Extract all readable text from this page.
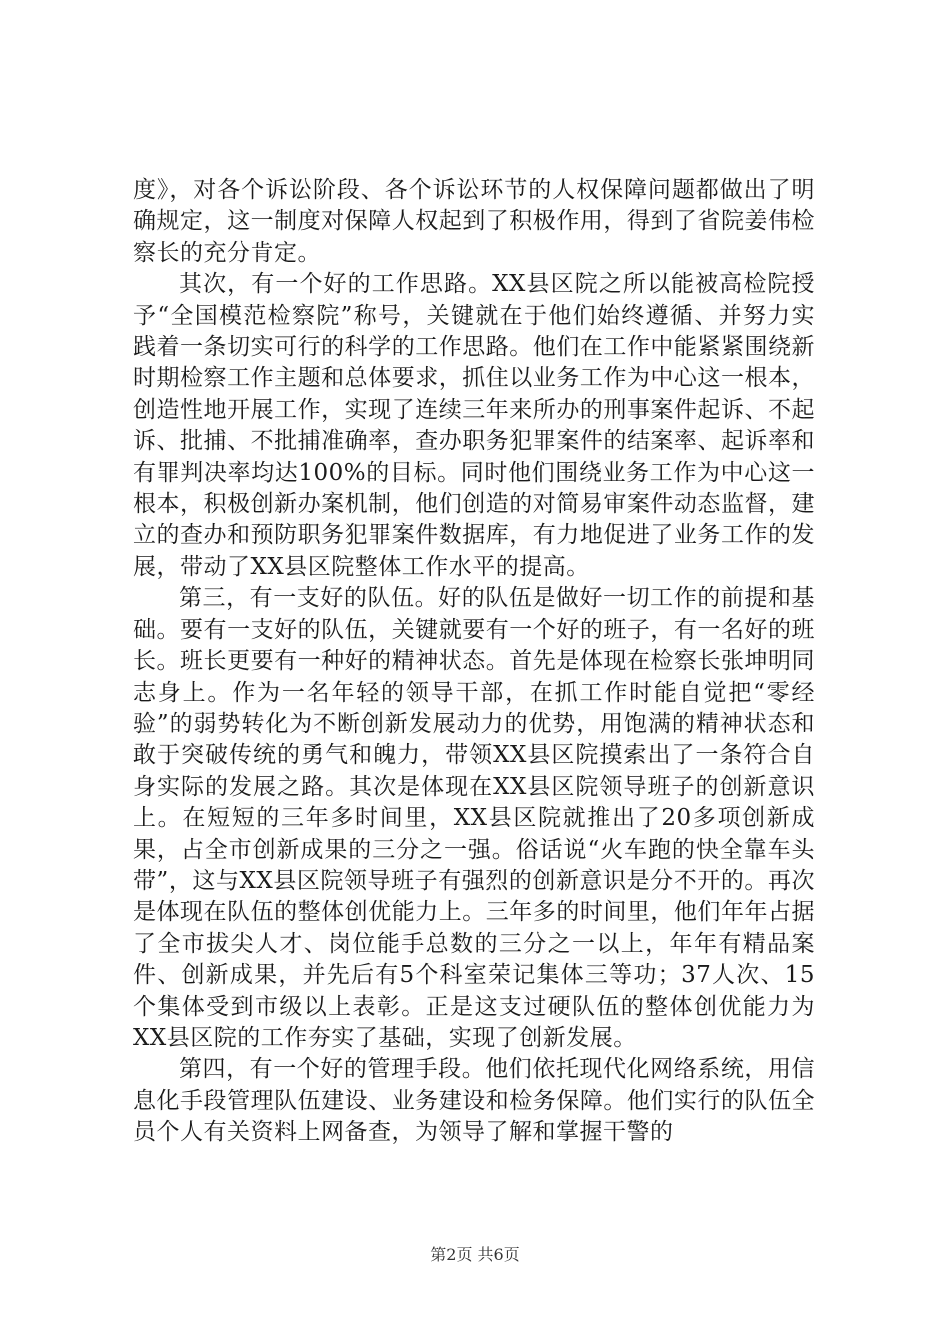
度》，对各个诉讼阶段、各个诉讼环节的人权保障问题都做出了明确规定，这一制度对保障人权起到了积极作用，得到了省院姜伟检察长的充分肯定。

其次，有一个好的工作思路。XX县区院之所以能被高检院授予“全国模范检察院”称号，关键就在于他们始终遵循、并努力实践着一条切实可行的科学的工作思路。他们在工作中能紧紧围绕新时期检察工作主题和总体要求，抓住以业务工作为中心这一根本，创造性地开展工作，实现了连续三年来所办的刑事案件起诉、不起诉、批捕、不批捕准确率，查办职务犯罪案件的结案率、起诉率和有罪判决率均达100%的目标。同时他们围绕业务工作为中心这一根本，积极创新办案机制，他们创造的对简易审案件动态监督，建立的查办和预防职务犯罪案件数据库，有力地促进了业务工作的发展，带动了XX县区院整体工作水平的提高。

第三，有一支好的队伍。好的队伍是做好一切工作的前提和基础。要有一支好的队伍，关键就要有一个好的班子，有一名好的班长。班长更要有一种好的精神状态。首先是体现在检察长张坤明同志身上。作为一名年轻的领导干部，在抓工作时能自觉把“零经验”的弱势转化为不断创新发展动力的优势，用饱满的精神状态和敢于突破传统的勇气和魄力，带领XX县区院摸索出了一条符合自身实际的发展之路。其次是体现在XX县区院领导班子的创新意识上。在短短的三年多时间里，XX县区院就推出了20多项创新成果，占全市创新成果的三分之一强。俗话说“火车跑的快全靠车头带”，这与XX县区院领导班子有强烈的创新意识是分不开的。再次是体现在队伍的整体创优能力上。三年多的时间里，他们年年占据了全市拔尖人才、岗位能手总数的三分之一以上，年年有精品案件、创新成果，并先后有5个科室荣记集体三等功；37人次、15个集体受到市级以上表彰。正是这支过硬队伍的整体创优能力为XX县区院的工作夯实了基础，实现了创新发展。

第四，有一个好的管理手段。他们依托现代化网络系统，用信息化手段管理队伍建设、业务建设和检务保障。他们实行的队伍全员个人有关资料上网备查，为领导了解和掌握干警的

第2页 共6页
